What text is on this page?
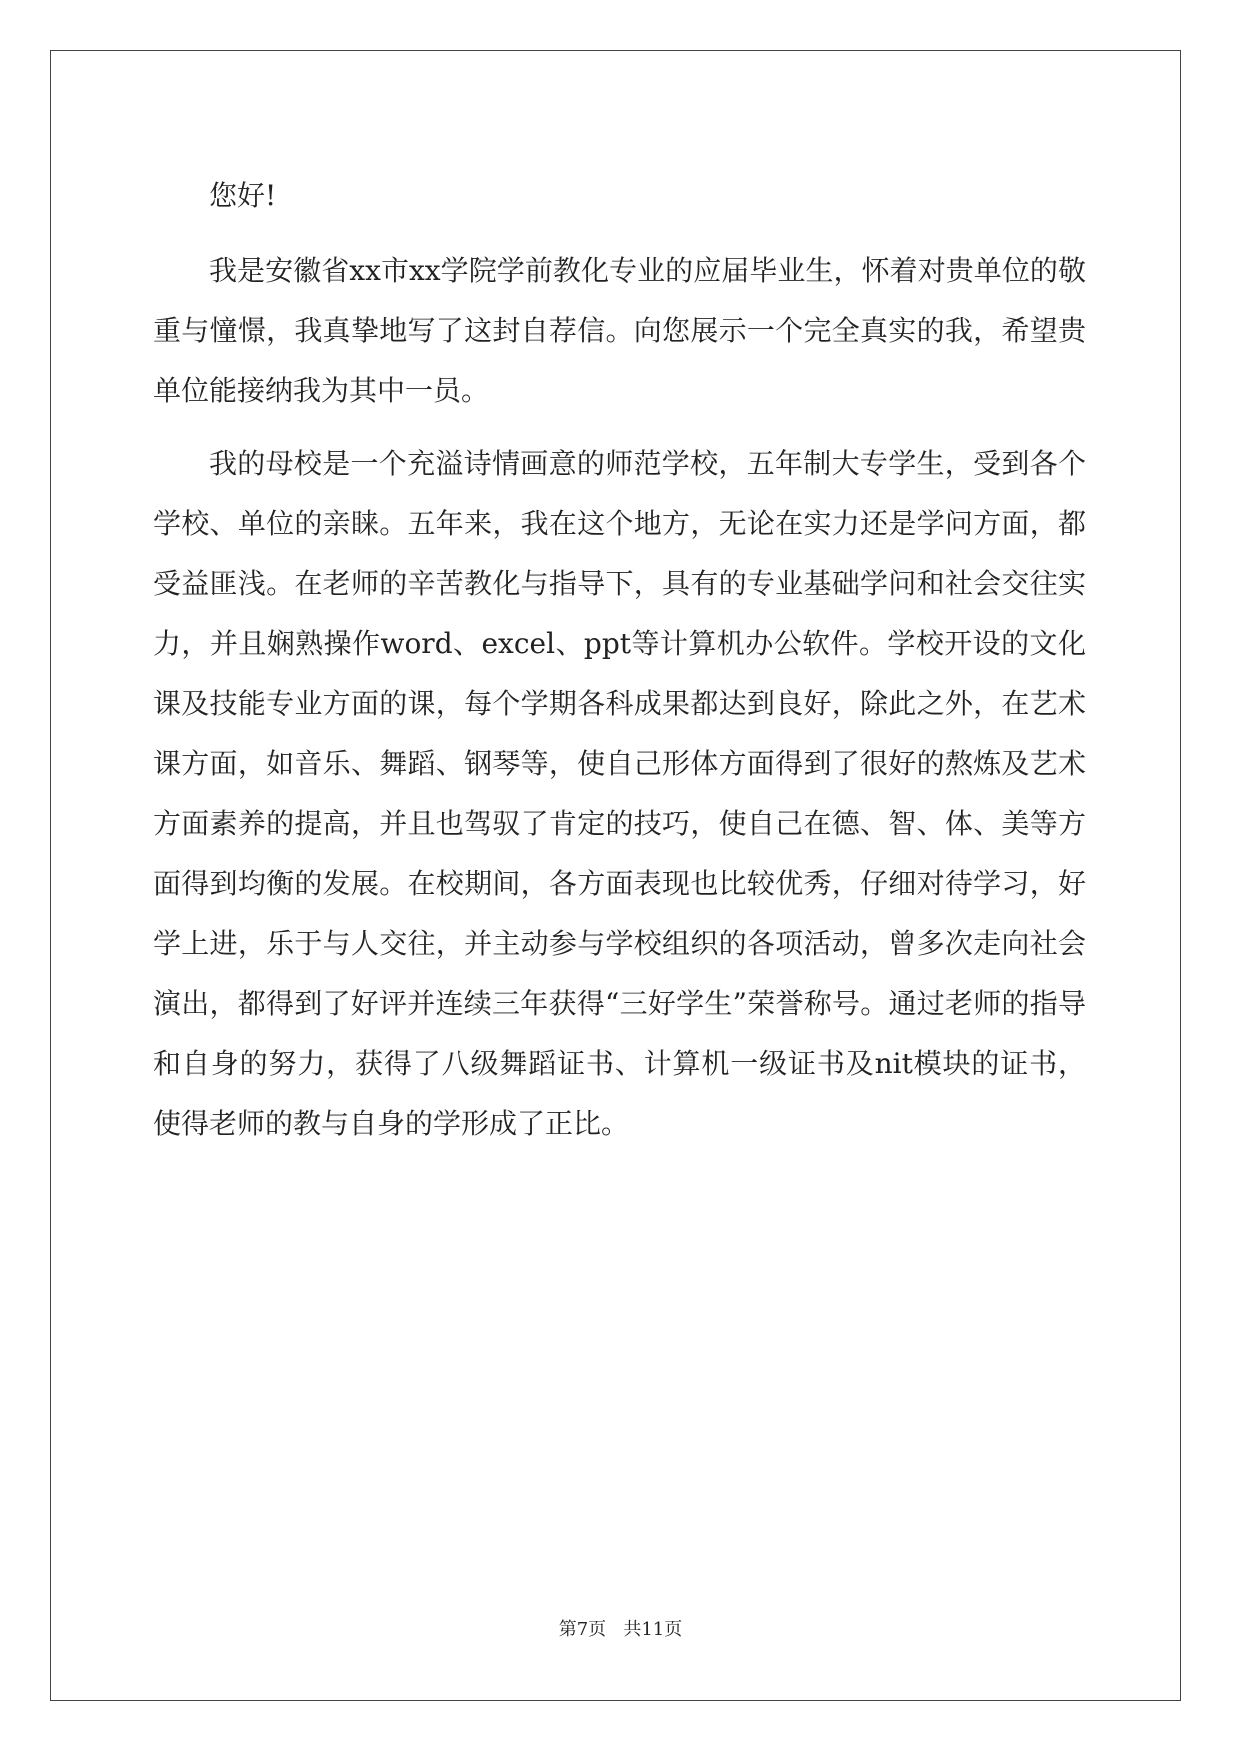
您好!

我是安徽省xx市xx学院学前教化专业的应届毕业生，怀着对贵单位的敬重与憧憬，我真挚地写了这封自荐信。向您展示一个完全真实的我，希望贵单位能接纳我为其中一员。

我的母校是一个充溢诗情画意的师范学校，五年制大专学生，受到各个学校、单位的亲睐。五年来，我在这个地方，无论在实力还是学问方面，都受益匪浅。在老师的辛苦教化与指导下，具有的专业基础学问和社会交往实力，并且娴熟操作word、excel、ppt等计算机办公软件。学校开设的文化课及技能专业方面的课，每个学期各科成果都达到良好，除此之外，在艺术课方面，如音乐、舞蹈、钢琴等，使自己形体方面得到了很好的熬炼及艺术方面素养的提高，并且也驾驭了肯定的技巧，使自己在德、智、体、美等方面得到均衡的发展。在校期间，各方面表现也比较优秀，仔细对待学习，好学上进，乐于与人交往，并主动参与学校组织的各项活动，曾多次走向社会演出，都得到了好评并连续三年获得“三好学生”荣誉称号。通过老师的指导和自身的努力，获得了八级舞蹈证书、计算机一级证书及nit模块的证书，使得老师的教与自身的学形成了正比。

第7页 共11页
